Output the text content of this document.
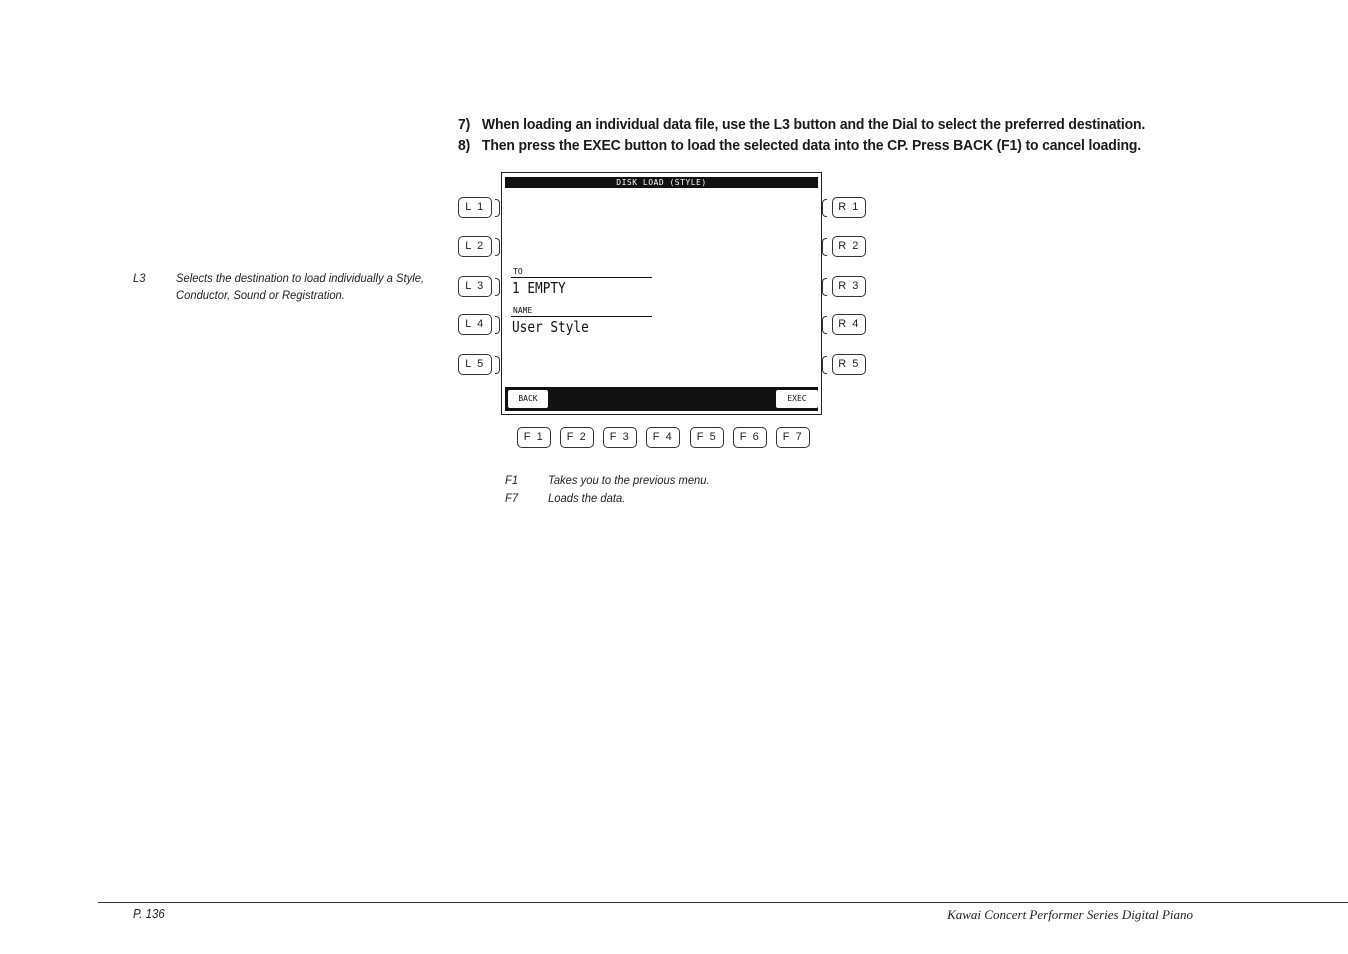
7) When loading an individual data file, use the L3 button and the Dial to select the preferred destination.
8) Then press the EXEC button to load the selected data into the CP. Press BACK (F1) to cancel loading.
L3	Selects the destination to load individually a Style,
Conductor, Sound or Registration.
L 1
L 2
L 3
L 4
L 5
R 1
R 2
R 3
R 4
R 5
DISK LOAD (STYLE)
TO
1 EMPTY
NAME
User Style
BACK	EXEC
F 1	F 2	F 3	F 4	F 5	F 6	F 7
F1 Takes you to the previous menu.
F7 Loads the data.
P. 136	Kawai Concert Performer Series Digital Piano
